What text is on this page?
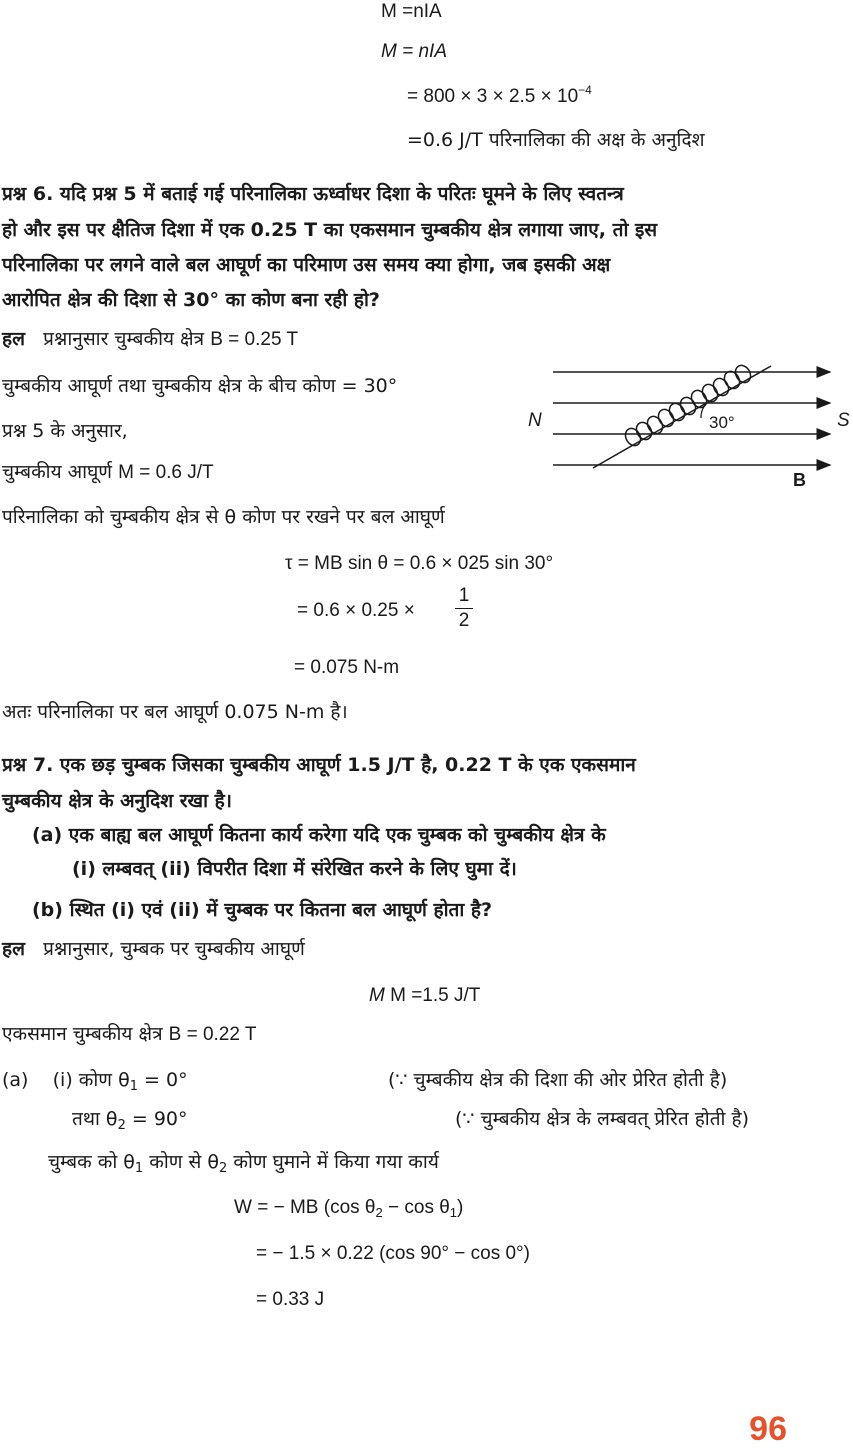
M =nIA
M = nIA
= $800 \times 3 \times 2.5 \times 10^{-4}$
=0.6 J/T परिनालिका की अक्ष के अनुदिश
प्रश्न 6. यदि प्रश्न 5 में बताई गई परिनालिका ऊर्ध्वाधर दिशा के परितः घूमने के लिए स्वतन्त्र
हो और इस पर क्षैतिज दिशा में एक 0.25 T का एकसमान चुम्बकीय क्षेत्र लगाया जाए, तो इस
परिनालिका पर लगने वाले बल आघूर्ण का परिमाण उस समय क्या होगा, जब इसकी अक्ष
आरोपित क्षेत्र की दिशा से 30° का कोण बना रही हो?
हल प्रश्नानुसार चुम्बकीय क्षेत्र B = 0.25 T
चुम्बकीय आघूर्ण तथा चुम्बकीय क्षेत्र के बीच कोण = 30°
प्रश्न 5 के अनुसार,
चुम्बकीय आघूर्ण M = 0.6 J/T
परिनालिका को चुम्बकीय क्षेत्र से θ कोण पर रखने पर बल आघूर्ण
30°
N	S
B
τ = MB sin θ = 0.6 × 025 sin 30°
= 0.6 × 0.25 ×
1
2
= 0.075 N-m
अतः परिनालिका पर बल आघूर्ण 0.075 N-m है।
प्रश्न 7. एक छड़ चुम्बक जिसका चुम्बकीय आघूर्ण 1.5 J/T है, 0.22 T के एक एकसमान
चुम्बकीय क्षेत्र के अनुदिश रखा है।
(a) एक बाह्य बल आघूर्ण कितना कार्य करेगा यदि एक चुम्बक को चुम्बकीय क्षेत्र के
(i) लम्बवत् (ii) विपरीत दिशा में संरेखित करने के लिए घुमा दें।
(b) स्थित (i) एवं (ii) में चुम्बक पर कितना बल आघूर्ण होता है?
हल प्रश्नानुसार, चुम्बक पर चुम्बकीय आघूर्ण
M M =1.5 J/T
एकसमान चुम्बकीय क्षेत्र B = 0.22 T
(a) (i) कोण $\theta_1 = 0^\circ$	(∵ चुम्बकीय क्षेत्र की दिशा की ओर प्रेरित होती है)
तथा $\theta_2 = 90^\circ$	(∵ चुम्बकीय क्षेत्र के लम्बवत् प्रेरित होती है)
चुम्बक को $\theta_1$ कोण से $\theta_2$ कोण घुमाने में किया गया कार्य
W = − MB (cos $\theta_2 - \cos \theta_1$)
= − 1.5 × 0.22 (cos 90° − cos 0°)
= 0.33 J
96
